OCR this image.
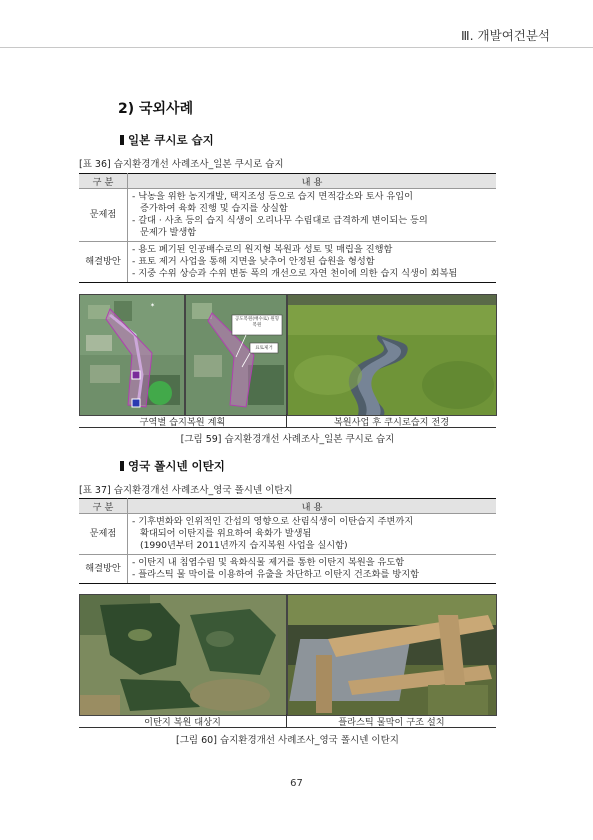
Ⅲ. 개발여건분석
2) 국외사례
일본 쿠시로 습지
[표 36] 습지환경개선 사례조사_일본 쿠시로 습지
구 분	내 용
문제점	- 낙농을 위한 농지개발, 택지조성 등으로 습지 면적감소와 토사 유입이
증가하여 육화 진행 및 습지를 상실함
- 갈대 · 사초 등의 습지 식생이 오리나무 수림대로 급격하게 변이되는 등의
문제가 발생함

해결방안	- 용도 폐기된 인공배수로의 원지형 복원과 성토 및 매립을 진행함
- 표토 제거 사업을 통해 지면을 낮추어 안정된 습원을 형성함
- 지중 수위 상승과 수위 변동 폭의 개선으로 자연 천이에 의한 습지 식생이 회복됨
✶
공도복원(배수로) 원형복원
표토제거
구역별 습지복원 계획	복원사업 후 쿠시로습지 전경
[그림 59] 습지환경개선 사례조사_일본 쿠시로 습지
영국 폴시넨 이탄지
[표 37] 습지환경개선 사례조사_영국 폴시넨 이탄지
구 분	내 용
문제점	- 기후변화와 인위적인 간섭의 영향으로 산림식생이 이탄습지 주변까지
확대되어 이탄지를 위요하여 육화가 발생됨
(1990년부터 2011년까지 습지복원 사업을 실시함)

해결방안	- 이탄지 내 침엽수림 및 육화식물 제거를 통한 이탄지 복원을 유도함
- 플라스틱 물 막이를 이용하여 유출을 차단하고 이탄지 건조화를 방지함
이탄지 복원 대상지	플라스틱 물막이 구조 설치
[그림 60] 습지환경개선 사례조사_영국 폴시넨 이탄지
67
